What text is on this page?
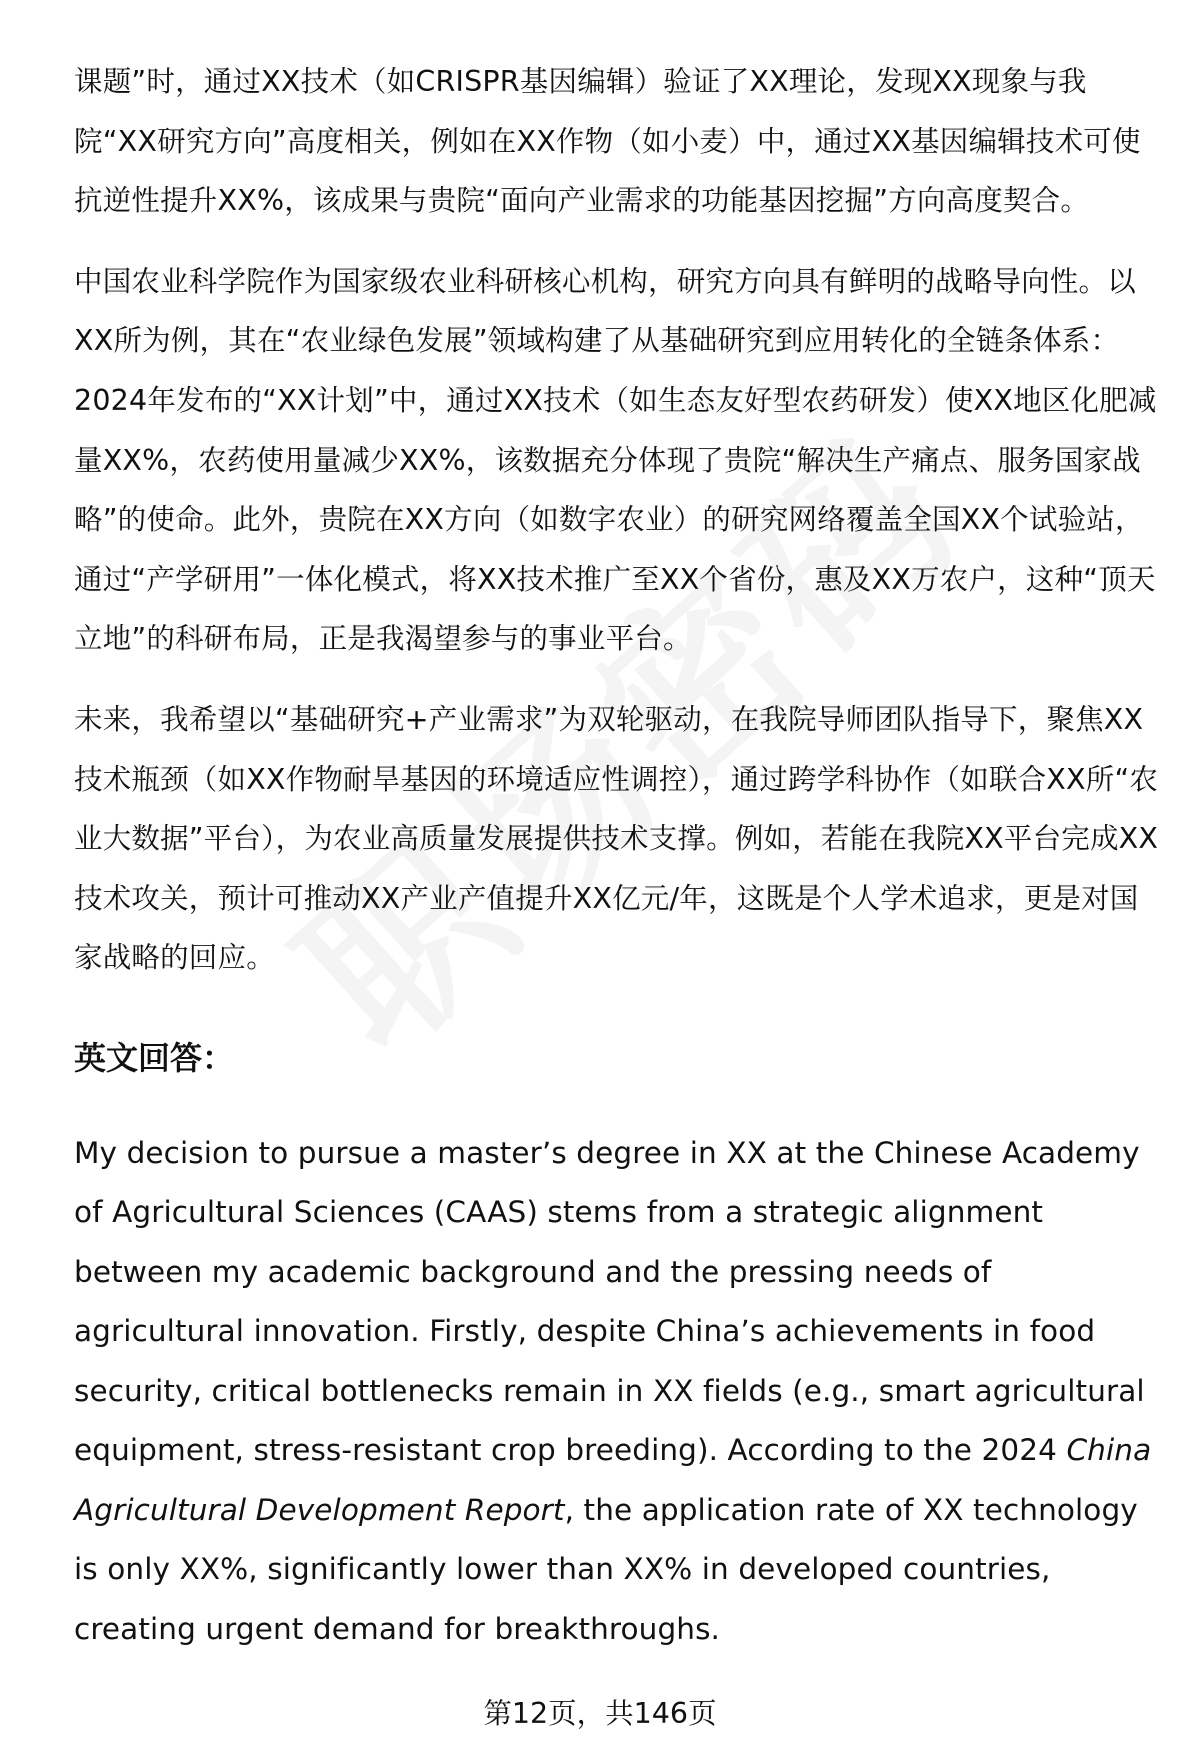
课题”时，通过XX技术（如CRISPR基因编辑）验证了XX理论，发现XX现象与我院“XX研究方向”高度相关，例如在XX作物（如小麦）中，通过XX基因编辑技术可使抗逆性提升XX%，该成果与贵院“面向产业需求的功能基因挖掘”方向高度契合。

中国农业科学院作为国家级农业科研核心机构，研究方向具有鲜明的战略导向性。以XX所为例，其在“农业绿色发展”领域构建了从基础研究到应用转化的全链条体系：2024年发布的“XX计划”中，通过XX技术（如生态友好型农药研发）使XX地区化肥减量XX%，农药使用量减少XX%，该数据充分体现了贵院“解决生产痛点、服务国家战略”的使命。此外，贵院在XX方向（如数字农业）的研究网络覆盖全国XX个试验站，通过“产学研用”一体化模式，将XX技术推广至XX个省份，惠及XX万农户，这种“顶天立地”的科研布局，正是我渴望参与的事业平台。

未来，我希望以“基础研究+产业需求”为双轮驱动，在我院导师团队指导下，聚焦XX技术瓶颈（如XX作物耐旱基因的环境适应性调控），通过跨学科协作（如联合XX所“农业大数据”平台），为农业高质量发展提供技术支撑。例如，若能在我院XX平台完成XX技术攻关，预计可推动XX产业产值提升XX亿元/年，这既是个人学术追求，更是对国家战略的回应。

英文回答：

My decision to pursue a master’s degree in XX at the Chinese Academy of Agricultural Sciences (CAAS) stems from a strategic alignment between my academic background and the pressing needs of agricultural innovation. Firstly, despite China’s achievements in food security, critical bottlenecks remain in XX fields (e.g., smart agricultural equipment, stress-resistant crop breeding). According to the 2024 China Agricultural Development Report, the application rate of XX technology is only XX%, significantly lower than XX% in developed countries, creating urgent demand for breakthroughs.

第12页，共146页
